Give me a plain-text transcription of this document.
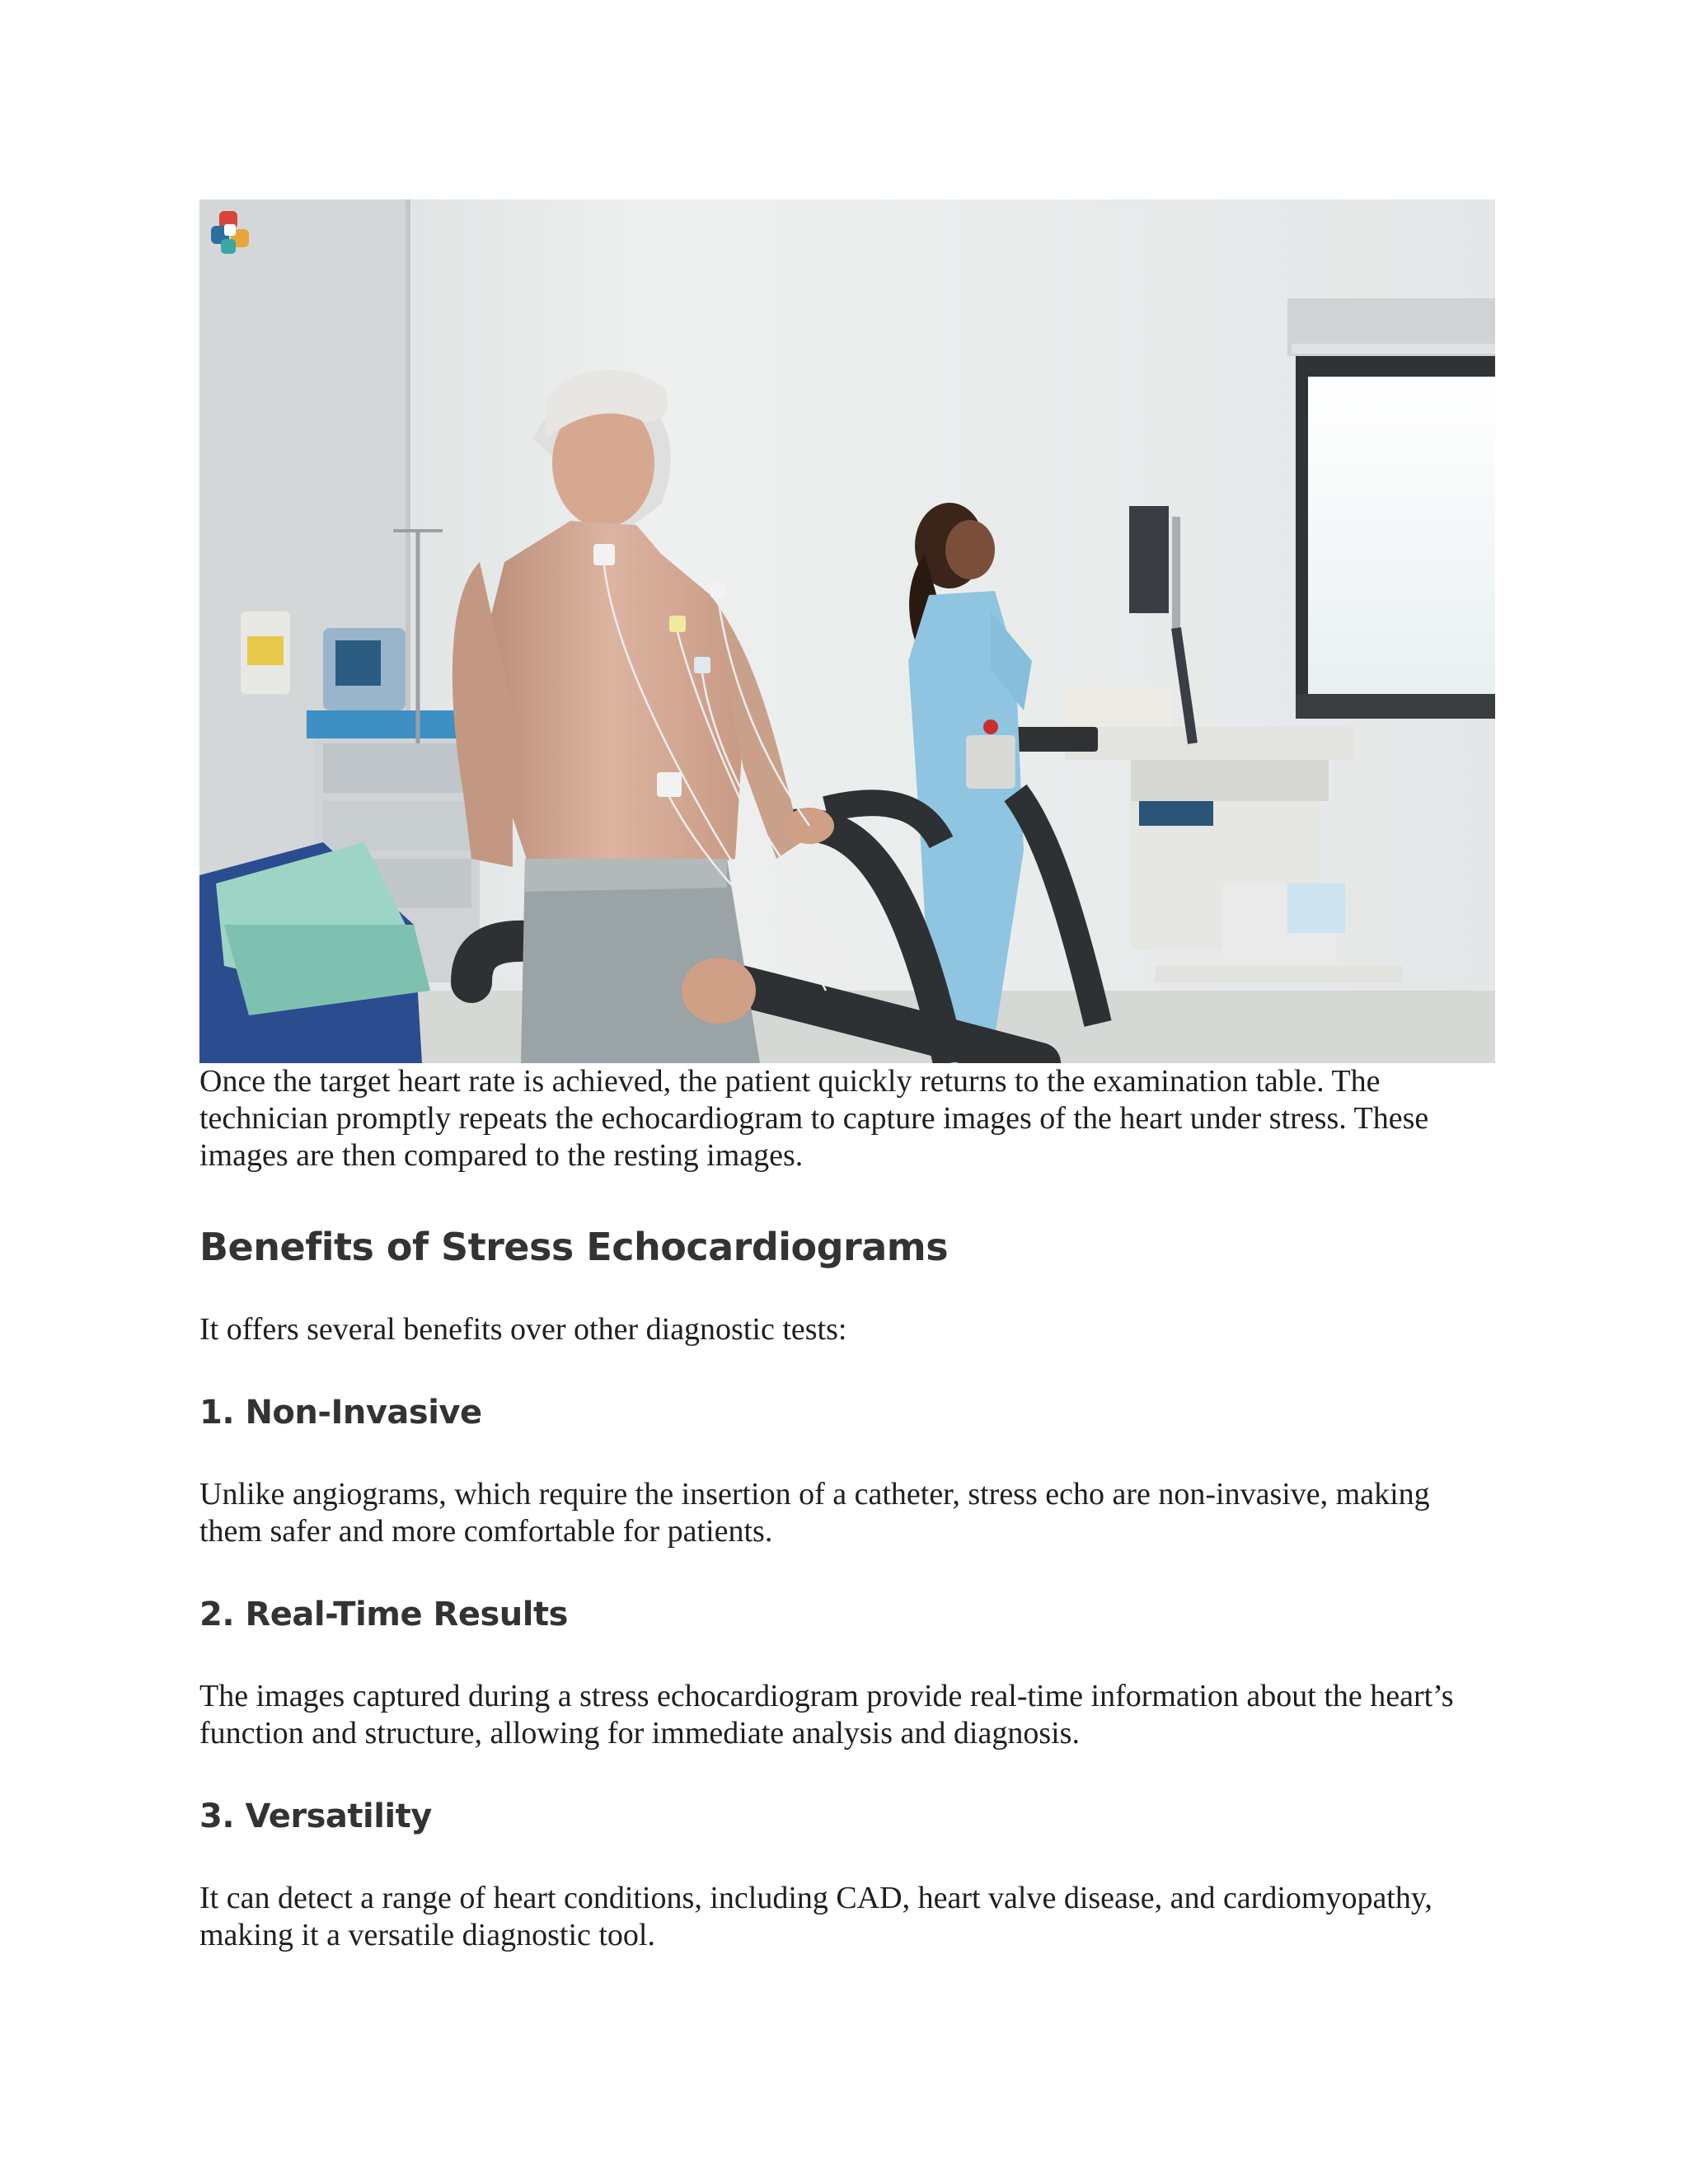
Once the target heart rate is achieved, the patient quickly returns to the examination table. The technician promptly repeats the echocardiogram to capture images of the heart under stress. These images are then compared to the resting images.

Benefits of Stress Echocardiograms

It offers several benefits over other diagnostic tests:

1. Non-Invasive

Unlike angiograms, which require the insertion of a catheter, stress echo are non-invasive, making them safer and more comfortable for patients.

2. Real-Time Results

The images captured during a stress echocardiogram provide real-time information about the heart’s function and structure, allowing for immediate analysis and diagnosis.

3. Versatility

It can detect a range of heart conditions, including CAD, heart valve disease, and cardiomyopathy, making it a versatile diagnostic tool.
